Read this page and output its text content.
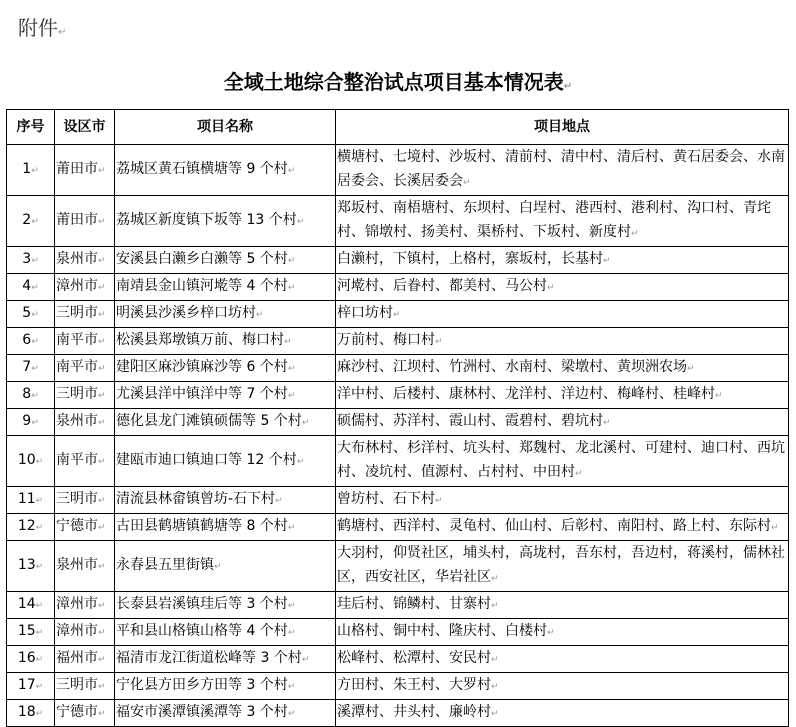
附件↵
全域土地综合整治试点项目基本情况表↵
序号	设区市	项目名称	项目地点
1↵	莆田市↵	荔城区黄石镇横塘等 9 个村↵	横塘村、七境村、沙坂村、清前村、清中村、清后村、黄石居委会、水南居委会、长溪居委会↵
2↵	莆田市↵	荔城区新度镇下坂等 13 个村↵	郑坂村、南梧塘村、东坝村、白埕村、港西村、港利村、沟口村、青垞村、锦墩村、扬美村、渠桥村、下坂村、新度村↵
3↵	泉州市↵	安溪县白濑乡白濑等 5 个村↵	白濑村，下镇村，上格村，寨坂村，长基村↵
4↵	漳州市↵	南靖县金山镇河墘等 4 个村↵	河墘村、后眷村、都美村、马公村↵
5↵	三明市↵	明溪县沙溪乡梓口坊村↵	梓口坊村↵
6↵	南平市↵	松溪县郑墩镇万前、梅口村↵	万前村、梅口村↵
7↵	南平市↵	建阳区麻沙镇麻沙等 6 个村↵	麻沙村、江坝村、竹洲村、水南村、梁墩村、黄坝洲农场↵
8↵	三明市↵	尤溪县洋中镇洋中等 7 个村↵	洋中村、后楼村、康林村、龙洋村、洋边村、梅峰村、桂峰村↵
9↵	泉州市↵	德化县龙门滩镇硕儒等 5 个村↵	硕儒村、苏洋村、霞山村、霞碧村、碧坑村↵
10↵	南平市↵	建瓯市迪口镇迪口等 12 个村↵	大布林村、杉洋村、坑头村、郑魏村、龙北溪村、可建村、迪口村、西坑村、凌坑村、值源村、占村村、中田村↵
11↵	三明市↵	清流县林畲镇曾坊-石下村↵	曾坊村、石下村↵
12↵	宁德市↵	古田县鹤塘镇鹤塘等 8 个村↵	鹤塘村、西洋村、灵龟村、仙山村、后彰村、南阳村、路上村、东际村↵
13↵	泉州市↵	永春县五里街镇↵	大羽村，仰贤社区，埔头村，高垅村，吾东村，吾边村，蒋溪村，儒林社区，西安社区，华岩社区↵
14↵	漳州市↵	长泰县岩溪镇珪后等 3 个村↵	珪后村、锦鳞村、甘寨村↵
15↵	漳州市↵	平和县山格镇山格等 4 个村↵	山格村、铜中村、隆庆村、白楼村↵
16↵	福州市↵	福清市龙江街道松峰等 3 个村↵	松峰村、松潭村、安民村↵
17↵	三明市↵	宁化县方田乡方田等 3 个村↵	方田村、朱王村、大罗村↵
18↵	宁德市↵	福安市溪潭镇溪潭等 3 个村↵	溪潭村、井头村、廉岭村↵
